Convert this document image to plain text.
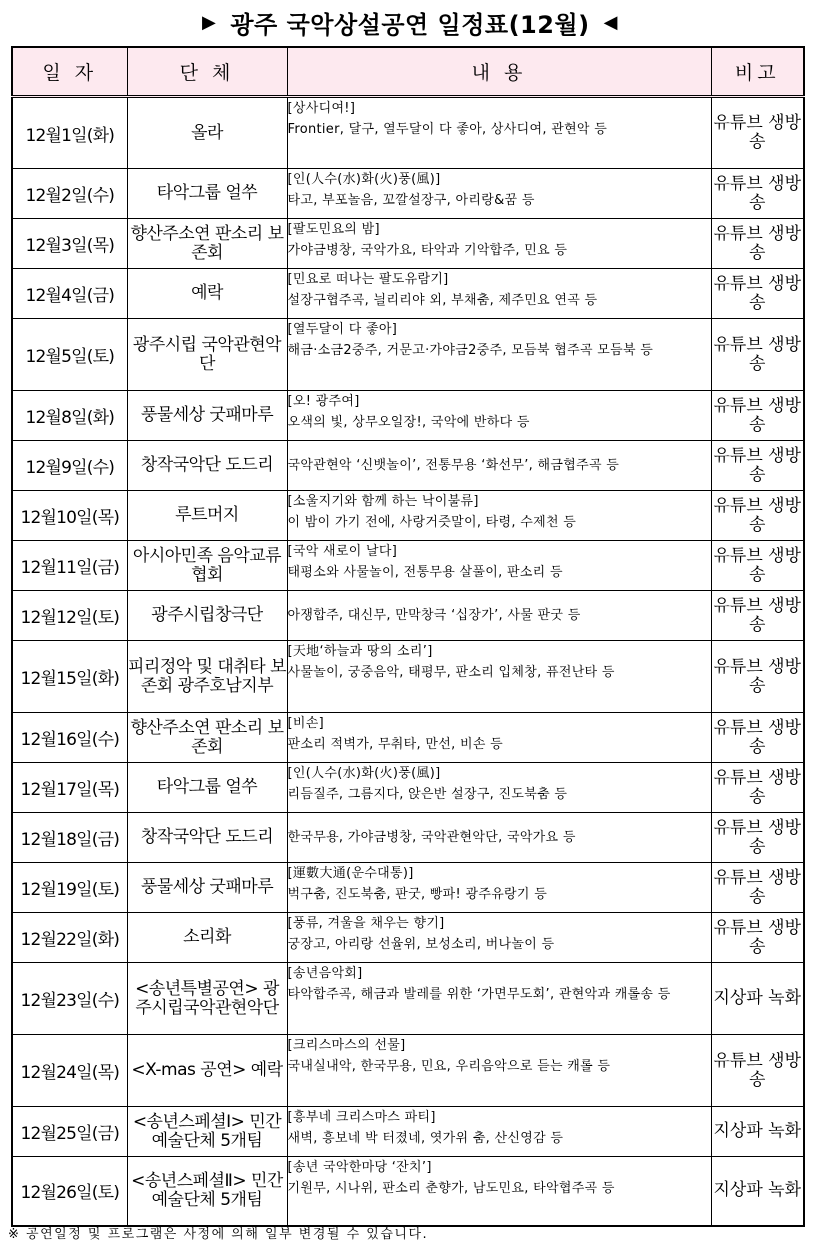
▶ 광주 국악상설공연 일정표(12월) ◀
일 자	단 체	내 용	비고
12월1일(화)	올라	[상사디여!]
Frontier, 달구, 열두달이 다 좋아, 상사디여, 관현악 등	유튜브 생방송
12월2일(수)	타악그룹 얼쑤	[인(人수(水)화(火)풍(風)]
타고, 부포놀음, 꼬깔설장구, 아리랑&꿈 등	유튜브 생방송
12월3일(목)	향산주소연 판소리 보존회	[팔도민요의 밤]
가야금병창, 국악가요, 타악과 기악합주, 민요 등	유튜브 생방송
12월4일(금)	예락	[민요로 떠나는 팔도유람기]
설장구협주곡, 늴리리야 외, 부채춤, 제주민요 연곡 등	유튜브 생방송
12월5일(토)	광주시립 국악관현악단	[열두달이 다 좋아]
해금·소금2중주, 거문고·가야금2중주, 모듬북 협주곡 모듬북 등	유튜브 생방송
12월8일(화)	풍물세상 굿패마루	[오! 광주여]
오색의 빛, 상무오일장!, 국악에 반하다 등	유튜브 생방송
12월9일(수)	창작국악단 도드리	국악관현악 ‘신뱃놀이’, 전통무용 ‘화선무’, 해금협주곡 등	유튜브 생방송
12월10일(목)	루트머지	[소울지기와 함께 하는 낙이불류]
이 밤이 가기 전에, 사랑거즛말이, 타령, 수제천 등	유튜브 생방송
12월11일(금)	아시아민족 음악교류협회	[국악 새로이 날다]
태평소와 사물놀이, 전통무용 살풀이, 판소리 등	유튜브 생방송
12월12일(토)	광주시립창극단	아쟁합주, 대신무, 만막창극 ‘십장가’, 사물 판굿 등	유튜브 생방송
12월15일(화)	피리정악 및 대취타 보존회 광주호남지부	[天地‘하늘과 땅의 소리’]
사물놀이, 궁중음악, 태평무, 판소리 입체창, 퓨전난타 등	유튜브 생방송
12월16일(수)	향산주소연 판소리 보존회	[비손]
판소리 적벽가, 무취타, 만선, 비손 등	유튜브 생방송
12월17일(목)	타악그룹 얼쑤	[인(人수(水)화(火)풍(風)]
리듬질주, 그름지다, 앉은반 설장구, 진도북춤 등	유튜브 생방송
12월18일(금)	창작국악단 도드리	한국무용, 가야금병창, 국악관현악단, 국악가요 등	유튜브 생방송
12월19일(토)	풍물세상 굿패마루	[運數大通(운수대통)]
벅구춤, 진도북춤, 판굿, 빵파! 광주유랑기 등	유튜브 생방송
12월22일(화)	소리화	[풍류, 겨울을 채우는 향기]
궁장고, 아리랑 선율위, 보성소리, 버나놀이 등	유튜브 생방송
12월23일(수)	<송년특별공연> 광주시립국악관현악단	[송년음악회]
타악합주곡, 해금과 발레를 위한 ‘가면무도회’, 관현악과 캐롤송 등	지상파 녹화
12월24일(목)	<X-mas 공연> 예락	[크리스마스의 선물]
국내실내악, 한국무용, 민요, 우리음악으로 듣는 캐롤 등	유튜브 생방송
12월25일(금)	<송년스페셜Ⅰ> 민간예술단체 5개팀	[흥부네 크리스마스 파티]
새벽, 흥보네 박 터졌네, 엿가위 춤, 산신영감 등	지상파 녹화
12월26일(토)	<송년스페셜Ⅱ> 민간예술단체 5개팀	[송년 국악한마당 ‘잔치’]
기원무, 시나위, 판소리 춘향가, 남도민요, 타악협주곡 등	지상파 녹화
※ 공연일정 및 프로그램은 사정에 의해 일부 변경될 수 있습니다.
